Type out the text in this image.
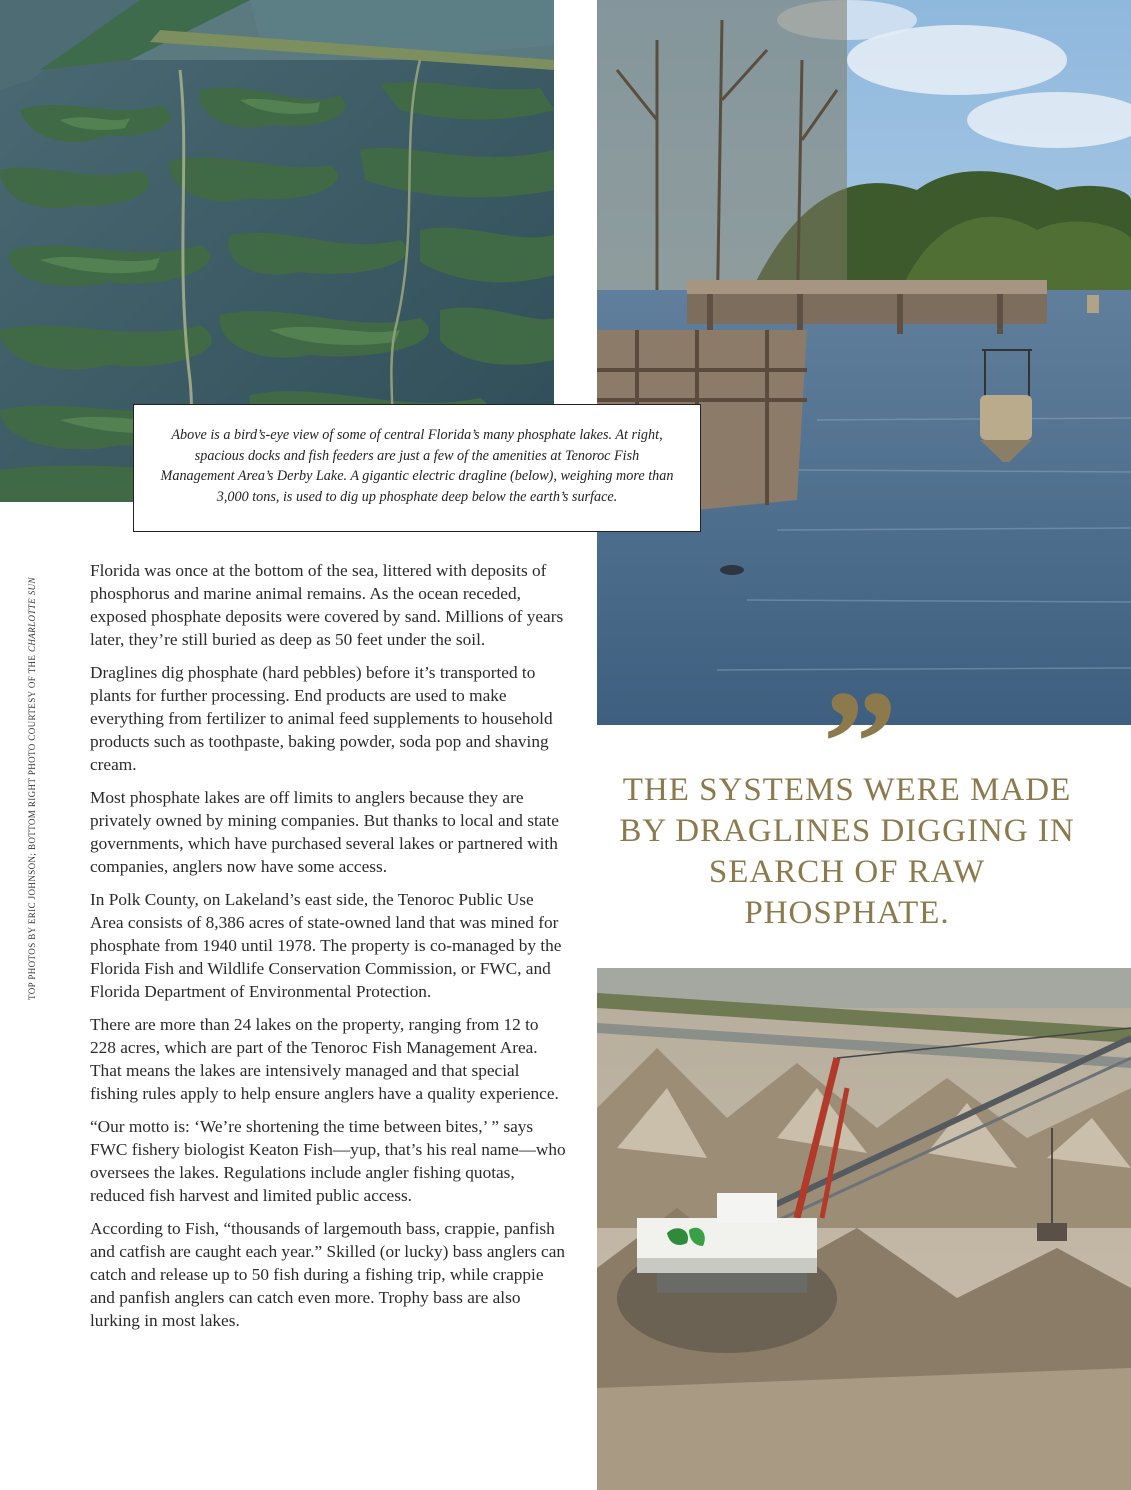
Above is a bird’s-eye view of some of central Florida’s many phosphate lakes. At right, spacious docks and fish feeders are just a few of the amenities at Tenoroc Fish Management Area’s Derby Lake. A gigantic electric dragline (below), weighing more than 3,000 tons, is used to dig up phosphate deep below the earth’s surface.
TOP PHOTOS BY ERIC JOHNSON; BOTTOM RIGHT PHOTO COURTESY OF THE CHARLOTTE SUN

Florida was once at the bottom of the sea, littered with deposits of phosphorus and marine animal remains. As the ocean receded, exposed phosphate deposits were covered by sand. Millions of years later, they’re still buried as deep as 50 feet under the soil.

Draglines dig phosphate (hard pebbles) before it’s transported to plants for further processing. End products are used to make everything from fertilizer to animal feed supplements to household products such as toothpaste, baking powder, soda pop and shaving cream.

Most phosphate lakes are off limits to anglers because they are privately owned by mining companies. But thanks to local and state governments, which have purchased several lakes or partnered with companies, anglers now have some access.

In Polk County, on Lakeland’s east side, the Tenoroc Public Use Area consists of 8,386 acres of state-owned land that was mined for phosphate from 1940 until 1978. The property is co-managed by the Florida Fish and Wildlife Conservation Commission, or FWC, and Florida Department of Environmental Protection.

There are more than 24 lakes on the property, ranging from 12 to 228 acres, which are part of the Tenoroc Fish Management Area. That means the lakes are intensively managed and that special fishing rules apply to help ensure anglers have a quality experience.

“Our motto is: ‘We’re shortening the time between bites,’ ” says FWC fishery biologist Keaton Fish—yup, that’s his real name—who oversees the lakes. Regulations include angler fishing quotas, reduced fish harvest and limited public access.

According to Fish, “thousands of largemouth bass, crappie, panfish and catfish are caught each year.” Skilled (or lucky) bass anglers can catch and release up to 50 fish during a fishing trip, while crappie and panfish anglers can catch even more. Trophy bass are also lurking in most lakes.

”
THE SYSTEMS WERE MADE BY DRAGLINES DIGGING IN SEARCH OF RAW PHOSPHATE.
